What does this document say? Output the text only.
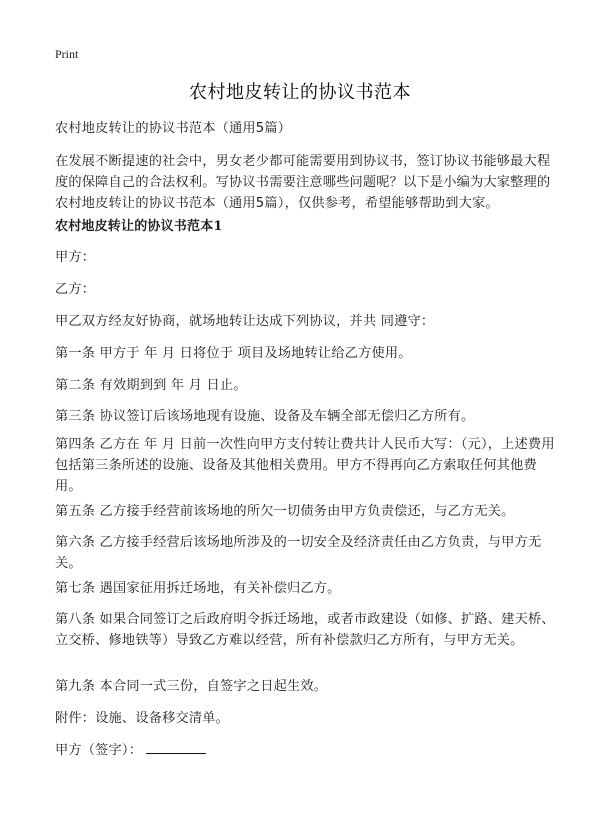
Print
农村地皮转让的协议书范本

农村地皮转让的协议书范本（通用5篇）

在发展不断提速的社会中，男女老少都可能需要用到协议书，签订协议书能够最大程度的保障自己的合法权利。写协议书需要注意哪些问题呢？以下是小编为大家整理的农村地皮转让的协议书范本（通用5篇），仅供参考，希望能够帮助到大家。

农村地皮转让的协议书范本1

甲方：

乙方：

甲乙双方经友好协商，就场地转让达成下列协议，并共 同遵守：

第一条 甲方于 年 月 日将位于 项目及场地转让给乙方使用。

第二条 有效期到到 年 月 日止。

第三条 协议签订后该场地现有设施、设备及车辆全部无偿归乙方所有。

第四条 乙方在 年 月 日前一次性向甲方支付转让费共计人民币大写：（元），上述费用包括第三条所述的设施、设备及其他相关费用。甲方不得再向乙方索取任何其他费用。

第五条 乙方接手经营前该场地的所欠一切债务由甲方负责偿还，与乙方无关。

第六条 乙方接手经营后该场地所涉及的一切安全及经济责任由乙方负责，与甲方无关。

第七条 遇国家征用拆迁场地，有关补偿归乙方。

第八条 如果合同签订之后政府明令拆迁场地，或者市政建设（如修、扩路、建天桥、立交桥、修地铁等）导致乙方难以经营，所有补偿款归乙方所有，与甲方无关。

第九条 本合同一式三份，自签字之日起生效。

附件：设施、设备移交清单。

甲方（签字）：
